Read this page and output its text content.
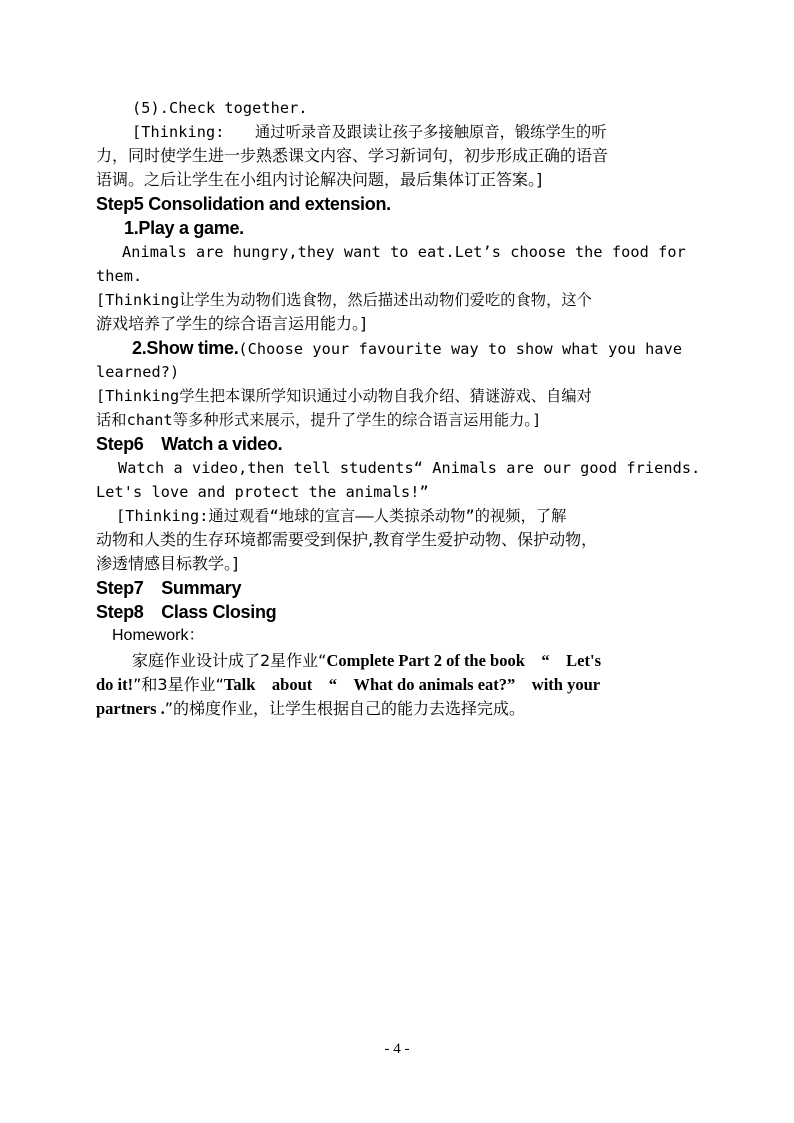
(5).Check together.
[Thinking:　　通过听录音及跟读让孩子多接触原音，锻练学生的听
力，同时使学生进一步熟悉课文内容、学习新词句，初步形成正确的语音
语调。之后让学生在小组内讨论解决问题，最后集体订正答案。]
Step5 Consolidation and extension.
1.Play a game.
Animals are hungry,they want to eat.Let’s choose the food for
them.
[Thinking让学生为动物们选食物，然后描述出动物们爱吃的食物，这个
游戏培养了学生的综合语言运用能力。]
2.Show time.(Choose your favourite way to show what you have
learned?)
[Thinking学生把本课所学知识通过小动物自我介绍、猜谜游戏、自编对
话和chant等多种形式来展示，提升了学生的综合语言运用能力。]
Step6　Watch a video.
Watch a video,then tell students“ Animals are our good friends.
Let's love and protect the animals!”
[Thinking:通过观看“地球的宣言——人类掠杀动物”的视频，了解
动物和人类的生存环境都需要受到保护,教育学生爱护动物、保护动物，
渗透情感目标教学。]
Step7　Summary
Step8　Class Closing
Homework：
家庭作业设计成了2星作业“Complete Part 2 of the book　“　Let's
do it!”和3星作业“Talk　about　“　What do animals eat?”　with your
partners .”的梯度作业，让学生根据自己的能力去选择完成。
- 4 -
